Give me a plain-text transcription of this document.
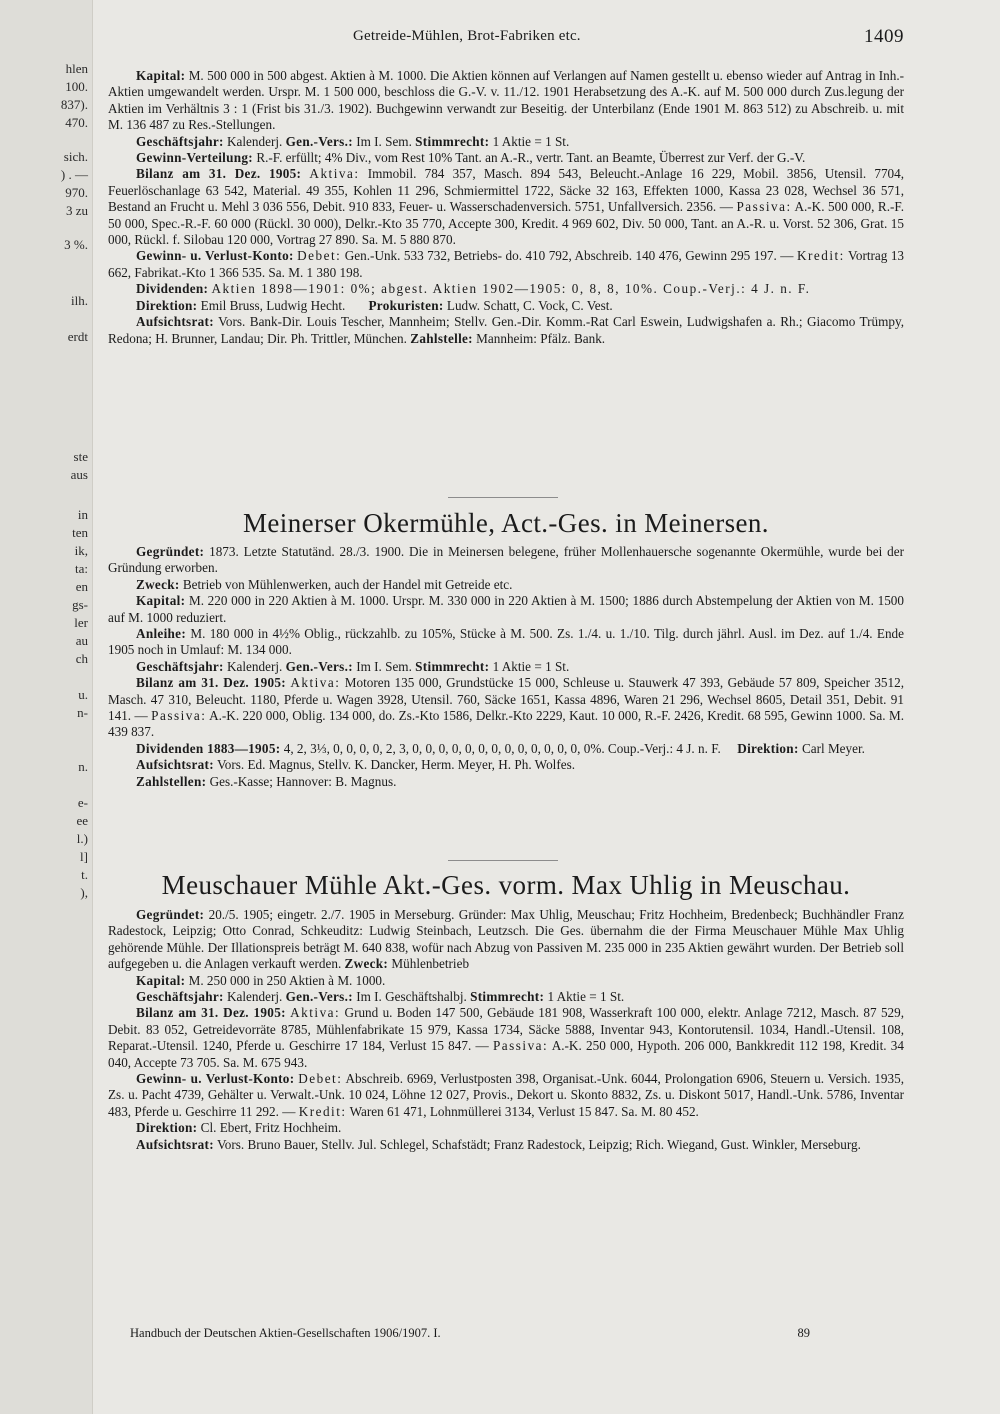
hlen
100.
837).
470.
sich.
) . —
970.
3 zu
3 %.
ilh.
erdt
ste
aus
in
ten
ik,
ta:
en
gs-
ler
au
ch
u.
n-
n.
e-
ee
l.)
l]
t.
),
Getreide-Mühlen, Brot-Fabriken etc.	1409

Kapital: M. 500 000 in 500 abgest. Aktien à M. 1000. Die Aktien können auf Verlangen auf Namen gestellt u. ebenso wieder auf Antrag in Inh.-Aktien umgewandelt werden. Urspr. M. 1 500 000, beschloss die G.-V. v. 11./12. 1901 Herabsetzung des A.-K. auf M. 500 000 durch Zus.legung der Aktien im Verhältnis 3 : 1 (Frist bis 31./3. 1902). Buchgewinn verwandt zur Beseitig. der Unterbilanz (Ende 1901 M. 863 512) zu Abschreib. u. mit M. 136 487 zu Res.-Stellungen.

Geschäftsjahr: Kalenderj. Gen.-Vers.: Im I. Sem. Stimmrecht: 1 Aktie = 1 St.

Gewinn-Verteilung: R.-F. erfüllt; 4% Div., vom Rest 10% Tant. an A.-R., vertr. Tant. an Beamte, Überrest zur Verf. der G.-V.

Bilanz am 31. Dez. 1905: Aktiva: Immobil. 784 357, Masch. 894 543, Beleucht.-Anlage 16 229, Mobil. 3856, Utensil. 7704, Feuerlöschanlage 63 542, Material. 49 355, Kohlen 11 296, Schmiermittel 1722, Säcke 32 163, Effekten 1000, Kassa 23 028, Wechsel 36 571, Bestand an Frucht u. Mehl 3 036 556, Debit. 910 833, Feuer- u. Wasserschadenversich. 5751, Unfallversich. 2356. — Passiva: A.-K. 500 000, R.-F. 50 000, Spec.-R.-F. 60 000 (Rückl. 30 000), Delkr.-Kto 35 770, Accepte 300, Kredit. 4 969 602, Div. 50 000, Tant. an A.-R. u. Vorst. 52 306, Grat. 15 000, Rückl. f. Silobau 120 000, Vortrag 27 890. Sa. M. 5 880 870.

Gewinn- u. Verlust-Konto: Debet: Gen.-Unk. 533 732, Betriebs- do. 410 792, Abschreib. 140 476, Gewinn 295 197. — Kredit: Vortrag 13 662, Fabrikat.-Kto 1 366 535. Sa. M. 1 380 198.

Dividenden: Aktien 1898—1901: 0%; abgest. Aktien 1902—1905: 0, 8, 8, 10%. Coup.-Verj.: 4 J. n. F.

Direktion: Emil Bruss, Ludwig Hecht. Prokuristen: Ludw. Schatt, C. Vock, C. Vest.

Aufsichtsrat: Vors. Bank-Dir. Louis Tescher, Mannheim; Stellv. Gen.-Dir. Komm.-Rat Carl Eswein, Ludwigshafen a. Rh.; Giacomo Trümpy, Redona; H. Brunner, Landau; Dir. Ph. Trittler, München. Zahlstelle: Mannheim: Pfälz. Bank.

Meinerser Okermühle, Act.-Ges. in Meinersen.

Gegründet: 1873. Letzte Statutänd. 28./3. 1900. Die in Meinersen belegene, früher Mollenhauersche sogenannte Okermühle, wurde bei der Gründung erworben.

Zweck: Betrieb von Mühlenwerken, auch der Handel mit Getreide etc.

Kapital: M. 220 000 in 220 Aktien à M. 1000. Urspr. M. 330 000 in 220 Aktien à M. 1500; 1886 durch Abstempelung der Aktien von M. 1500 auf M. 1000 reduziert.

Anleihe: M. 180 000 in 4½% Oblig., rückzahlb. zu 105%, Stücke à M. 500. Zs. 1./4. u. 1./10. Tilg. durch jährl. Ausl. im Dez. auf 1./4. Ende 1905 noch in Umlauf: M. 134 000.

Geschäftsjahr: Kalenderj. Gen.-Vers.: Im I. Sem. Stimmrecht: 1 Aktie = 1 St.

Bilanz am 31. Dez. 1905: Aktiva: Motoren 135 000, Grundstücke 15 000, Schleuse u. Stauwerk 47 393, Gebäude 57 809, Speicher 3512, Masch. 47 310, Beleucht. 1180, Pferde u. Wagen 3928, Utensil. 760, Säcke 1651, Kassa 4896, Waren 21 296, Wechsel 8605, Detail 351, Debit. 91 141. — Passiva: A.-K. 220 000, Oblig. 134 000, do. Zs.-Kto 1586, Delkr.-Kto 2229, Kaut. 10 000, R.-F. 2426, Kredit. 68 595, Gewinn 1000. Sa. M. 439 837.

Dividenden 1883—1905: 4, 2, 3⅓, 0, 0, 0, 0, 2, 3, 0, 0, 0, 0, 0, 0, 0, 0, 0, 0, 0, 0, 0, 0%. Coup.-Verj.: 4 J. n. F. Direktion: Carl Meyer.

Aufsichtsrat: Vors. Ed. Magnus, Stellv. K. Dancker, Herm. Meyer, H. Ph. Wolfes.

Zahlstellen: Ges.-Kasse; Hannover: B. Magnus.

Meuschauer Mühle Akt.-Ges. vorm. Max Uhlig in Meuschau.

Gegründet: 20./5. 1905; eingetr. 2./7. 1905 in Merseburg. Gründer: Max Uhlig, Meuschau; Fritz Hochheim, Bredenbeck; Buchhändler Franz Radestock, Leipzig; Otto Conrad, Schkeuditz: Ludwig Steinbach, Leutzsch. Die Ges. übernahm die der Firma Meuschauer Mühle Max Uhlig gehörende Mühle. Der Illationspreis beträgt M. 640 838, wofür nach Abzug von Passiven M. 235 000 in 235 Aktien gewährt wurden. Der Betrieb soll aufgegeben u. die Anlagen verkauft werden. Zweck: Mühlenbetrieb

Kapital: M. 250 000 in 250 Aktien à M. 1000.

Geschäftsjahr: Kalenderj. Gen.-Vers.: Im I. Geschäftshalbj. Stimmrecht: 1 Aktie = 1 St.

Bilanz am 31. Dez. 1905: Aktiva: Grund u. Boden 147 500, Gebäude 181 908, Wasserkraft 100 000, elektr. Anlage 7212, Masch. 87 529, Debit. 83 052, Getreidevorräte 8785, Mühlenfabrikate 15 979, Kassa 1734, Säcke 5888, Inventar 943, Kontorutensil. 1034, Handl.-Utensil. 108, Reparat.-Utensil. 1240, Pferde u. Geschirre 17 184, Verlust 15 847. — Passiva: A.-K. 250 000, Hypoth. 206 000, Bankkredit 112 198, Kredit. 34 040, Accepte 73 705. Sa. M. 675 943.

Gewinn- u. Verlust-Konto: Debet: Abschreib. 6969, Verlustposten 398, Organisat.-Unk. 6044, Prolongation 6906, Steuern u. Versich. 1935, Zs. u. Pacht 4739, Gehälter u. Verwalt.-Unk. 10 024, Löhne 12 027, Provis., Dekort u. Skonto 8832, Zs. u. Diskont 5017, Handl.-Unk. 5786, Inventar 483, Pferde u. Geschirre 11 292. — Kredit: Waren 61 471, Lohnmüllerei 3134, Verlust 15 847. Sa. M. 80 452.

Direktion: Cl. Ebert, Fritz Hochheim.

Aufsichtsrat: Vors. Bruno Bauer, Stellv. Jul. Schlegel, Schafstädt; Franz Radestock, Leipzig; Rich. Wiegand, Gust. Winkler, Merseburg.

Handbuch der Deutschen Aktien-Gesellschaften 1906/1907. I.	89
